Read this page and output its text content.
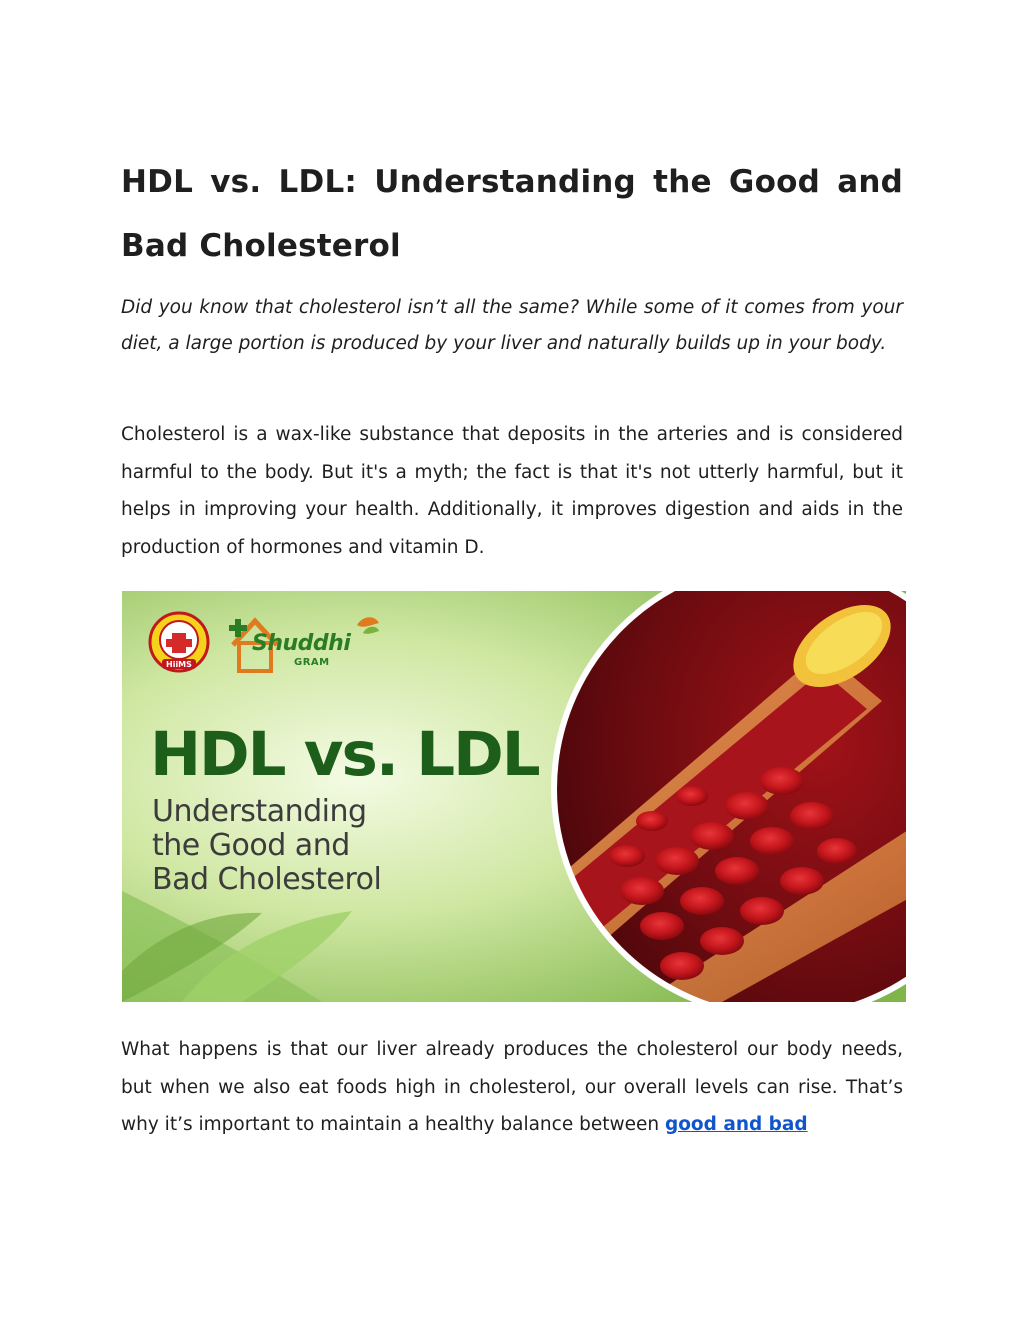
HDL vs. LDL: Understanding the Good and Bad Cholesterol

Did you know that cholesterol isn’t all the same? While some of it comes from your diet, a large portion is produced by your liver and naturally builds up in your body.

Cholesterol is a wax-like substance that deposits in the arteries and is considered harmful to the body. But it's a myth; the fact is that it's not utterly harmful, but it helps in improving your health. Additionally, it improves digestion and aids in the production of hormones and vitamin D.

What happens is that our liver already produces the cholesterol our body needs, but when we also eat foods high in cholesterol, our overall levels can rise. That’s why it’s important to maintain a healthy balance between good and bad

HiiMS
Shuddhi
GRAM
HDL vs. LDL
Understanding
the Good and
Bad Cholesterol
